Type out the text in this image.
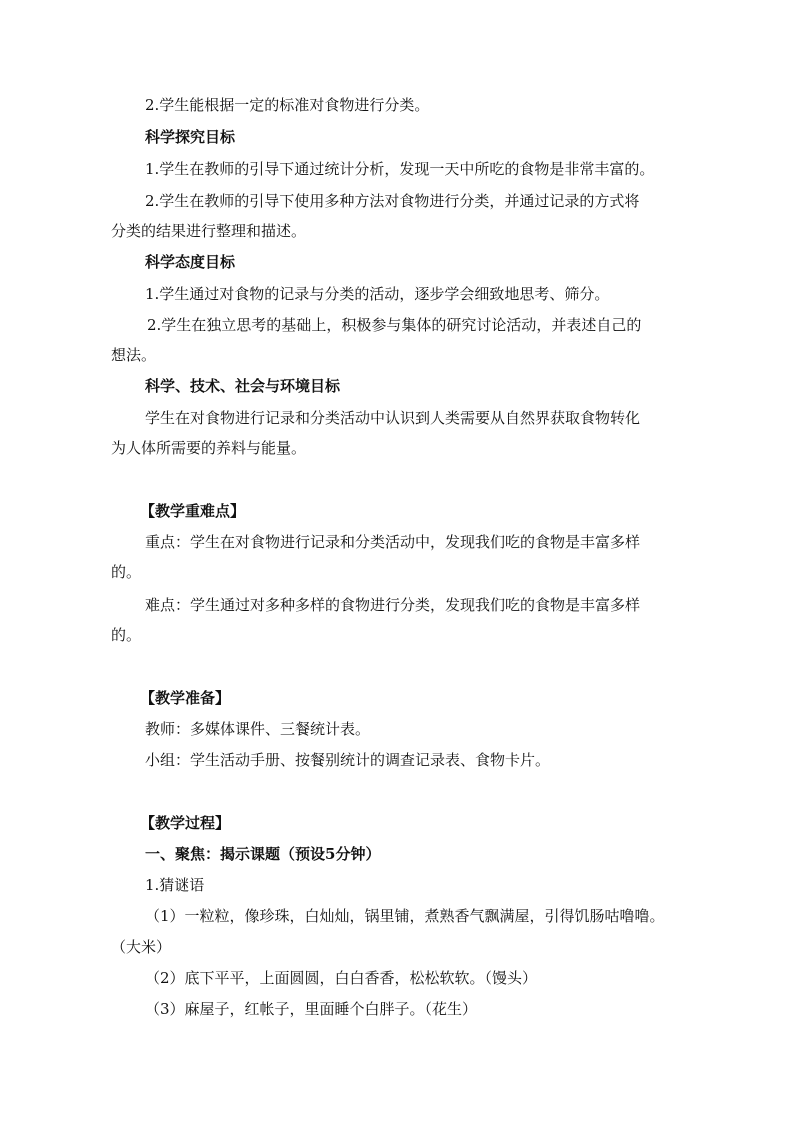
2.学生能根据一定的标准对食物进行分类。
科学探究目标
1.学生在教师的引导下通过统计分析，发现一天中所吃的食物是非常丰富的。
2.学生在教师的引导下使用多种方法对食物进行分类，并通过记录的方式将
分类的结果进行整理和描述。
科学态度目标
1.学生通过对食物的记录与分类的活动，逐步学会细致地思考、筛分。
2.学生在独立思考的基础上，积极参与集体的研究讨论活动，并表述自己的
想法。
科学、技术、社会与环境目标
学生在对食物进行记录和分类活动中认识到人类需要从自然界获取食物转化
为人体所需要的养料与能量。
【教学重难点】
重点：学生在对食物进行记录和分类活动中，发现我们吃的食物是丰富多样
的。
难点：学生通过对多种多样的食物进行分类，发现我们吃的食物是丰富多样
的。
【教学准备】
教师：多媒体课件、三餐统计表。
小组：学生活动手册、按餐别统计的调查记录表、食物卡片。
【教学过程】
一、聚焦：揭示课题（预设5分钟）
1.猜谜语
（1）一粒粒，像珍珠，白灿灿，锅里铺，煮熟香气飘满屋，引得饥肠咕噜噜。
（大米）
（2）底下平平，上面圆圆，白白香香，松松软软。（馒头）
（3）麻屋子，红帐子，里面睡个白胖子。（花生）
